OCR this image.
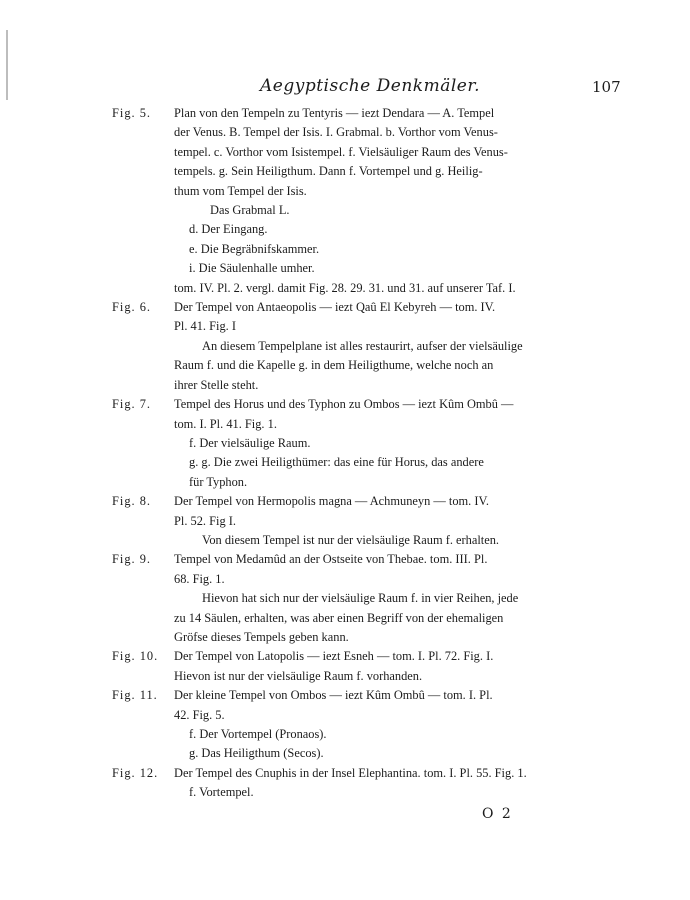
Aegyptische Denkmäler.	107
Fig. 5.	Plan von den Tempeln zu Tentyris — iezt Dendara — A. Tempel
der Venus. B. Tempel der Isis. I. Grabmal. b. Vorthor vom Venus-
tempel. c. Vorthor vom Isistempel. f. Vielsäuliger Raum des Venus-
tempels. g. Sein Heiligthum. Dann f. Vortempel und g. Heilig-
thum vom Tempel der Isis.
Das Grabmal L.
d. Der Eingang.
e. Die Begräbnifskammer.
i. Die Säulenhalle umher.
tom. IV. Pl. 2. vergl. damit Fig. 28. 29. 31. und 31. auf unserer Taf. I.
Fig. 6.	Der Tempel von Antaeopolis — iezt Qaû El Kebyreh — tom. IV.
Pl. 41. Fig. I
An diesem Tempelplane ist alles restaurirt, aufser der vielsäulige
Raum f. und die Kapelle g. in dem Heiligthume, welche noch an
ihrer Stelle steht.
Fig. 7.	Tempel des Horus und des Typhon zu Ombos — iezt Kûm Ombû —
tom. I. Pl. 41. Fig. 1.
f. Der vielsäulige Raum.
g. g. Die zwei Heiligthümer: das eine für Horus, das andere
für Typhon.
Fig. 8.	Der Tempel von Hermopolis magna — Achmuneyn — tom. IV.
Pl. 52. Fig I.
Von diesem Tempel ist nur der vielsäulige Raum f. erhalten.
Fig. 9.	Tempel von Medamûd an der Ostseite von Thebae. tom. III. Pl.
68. Fig. 1.
Hievon hat sich nur der vielsäulige Raum f. in vier Reihen, jede
zu 14 Säulen, erhalten, was aber einen Begriff von der ehemaligen
Gröfse dieses Tempels geben kann.
Fig. 10.	Der Tempel von Latopolis — iezt Esneh — tom. I. Pl. 72. Fig. I.
Hievon ist nur der vielsäulige Raum f. vorhanden.
Fig. 11.	Der kleine Tempel von Ombos — iezt Kûm Ombû — tom. I. Pl.
42. Fig. 5.
f. Der Vortempel (Pronaos).
g. Das Heiligthum (Secos).
Fig. 12.	Der Tempel des Cnuphis in der Insel Elephantina. tom. I. Pl. 55. Fig. 1.
f. Vortempel.
O 2
